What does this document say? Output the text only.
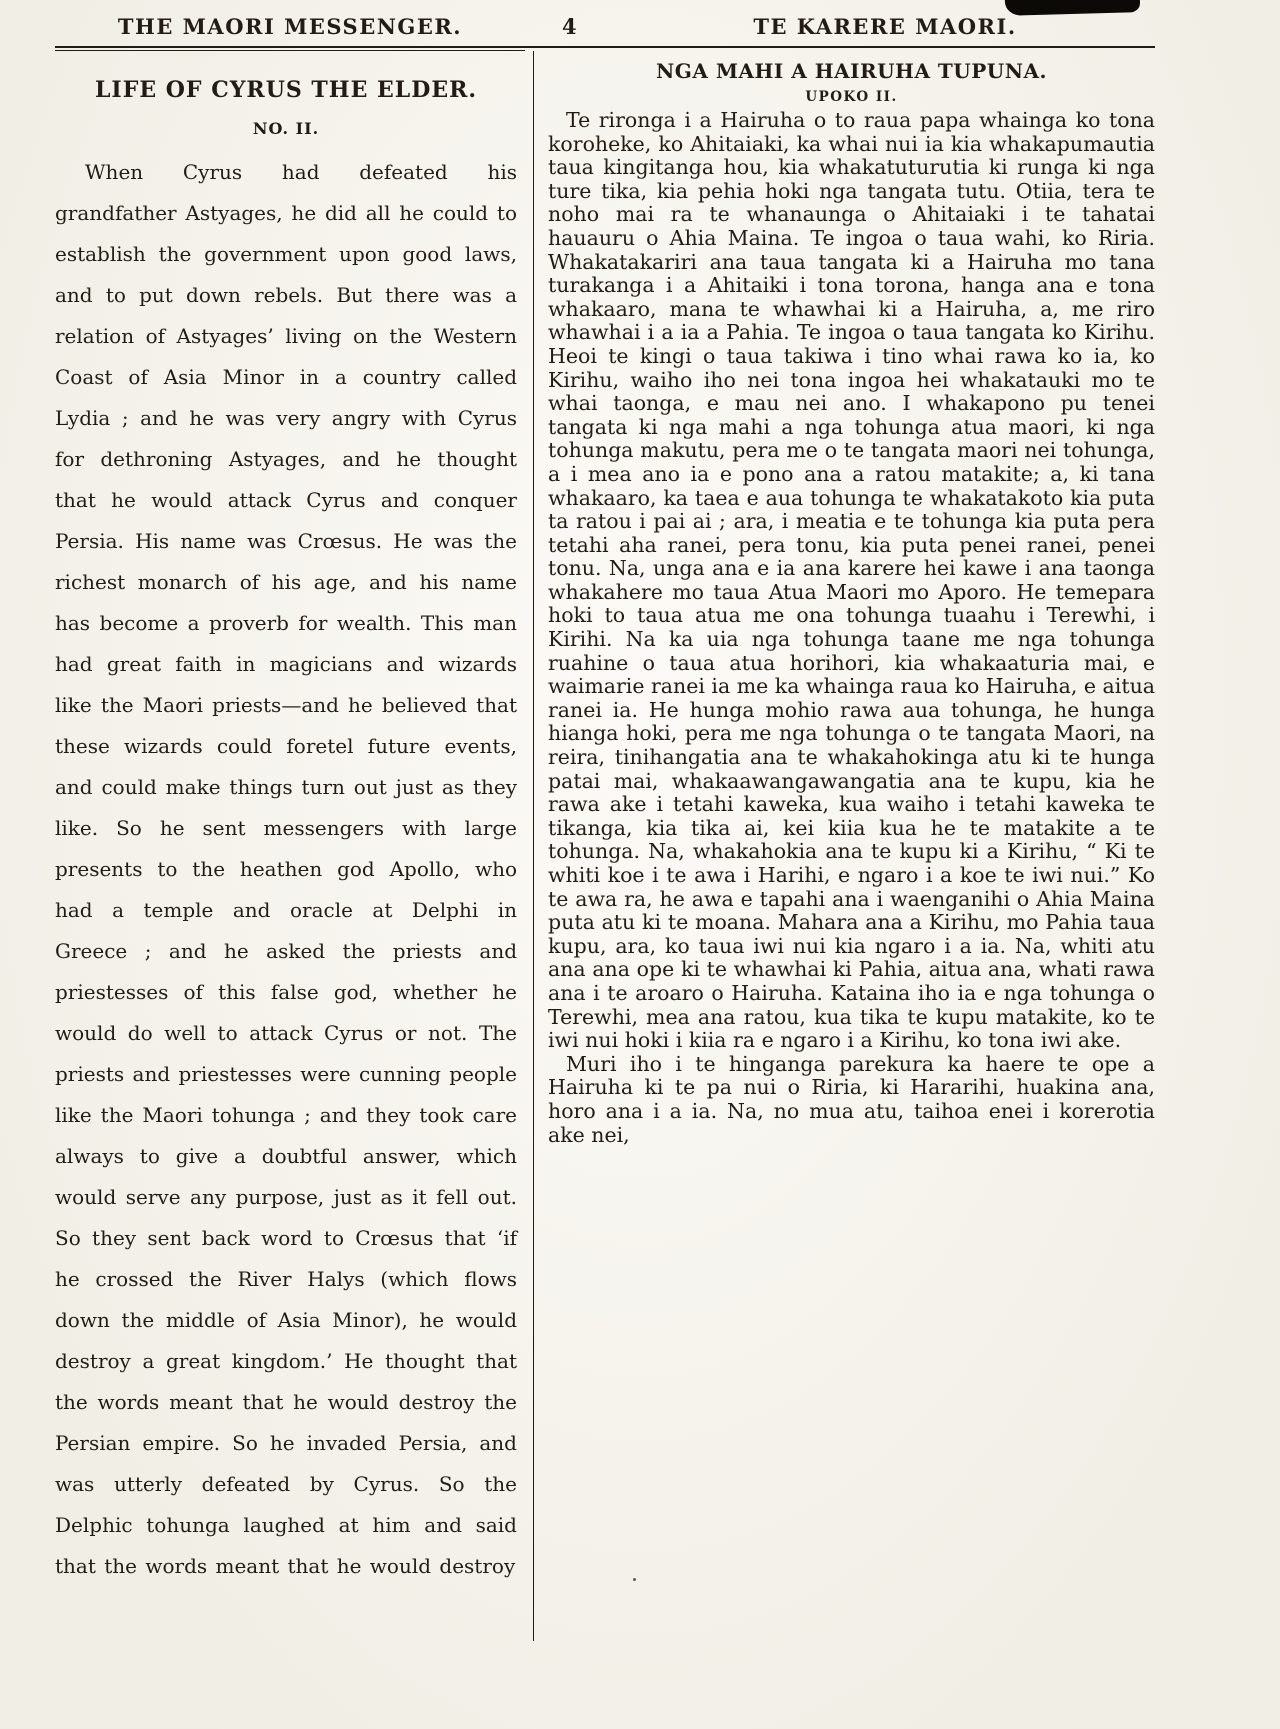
THE MAORI MESSENGER.	4	TE KARERE MAORI.
LIFE OF CYRUS THE ELDER.
NO. II.

When Cyrus had defeated his grandfather Astyages, he did all he could to establish the government upon good laws, and to put down rebels. But there was a relation of Astyages’ living on the Western Coast of Asia Minor in a country called Lydia ; and he was very angry with Cyrus for dethroning Astyages, and he thought that he would attack Cyrus and conquer Persia. His name was Crœsus. He was the richest monarch of his age, and his name has become a proverb for wealth. This man had great faith in magicians and wizards like the Maori priests—and he believed that these wizards could foretel future events, and could make things turn out just as they like. So he sent messengers with large presents to the heathen god Apollo, who had a temple and oracle at Delphi in Greece ; and he asked the priests and priestesses of this false god, whether he would do well to attack Cyrus or not. The priests and priestesses were cunning people like the Maori tohunga ; and they took care always to give a doubtful answer, which would serve any purpose, just as it fell out. So they sent back word to Crœsus that ‘if he crossed the River Halys (which flows down the middle of Asia Minor), he would destroy a great kingdom.’ He thought that the words meant that he would destroy the Persian empire. So he invaded Persia, and was utterly defeated by Cyrus. So the Delphic tohunga laughed at him and said that the words meant that he would destroy

NGA MAHI A HAIRUHA TUPUNA.
UPOKO II.

Te rironga i a Hairuha o to raua papa whainga ko tona koroheke, ko Ahitaiaki, ka whai nui ia kia whakapumautia taua kingitanga hou, kia whakatuturutia ki runga ki nga ture tika, kia pehia hoki nga tangata tutu. Otiia, tera te noho mai ra te whanaunga o Ahitaiaki i te tahatai hauauru o Ahia Maina. Te ingoa o taua wahi, ko Riria. Whakatakariri ana taua tangata ki a Hairuha mo tana turakanga i a Ahitaiki i tona torona, hanga ana e tona whakaaro, mana te whawhai ki a Hairuha, a, me riro whawhai i a ia a Pahia. Te ingoa o taua tangata ko Kirihu. Heoi te kingi o taua takiwa i tino whai rawa ko ia, ko Kirihu, waiho iho nei tona ingoa hei whakatauki mo te whai taonga, e mau nei ano. I whakapono pu tenei tangata ki nga mahi a nga tohunga atua maori, ki nga tohunga makutu, pera me o te tangata maori nei tohunga, a i mea ano ia e pono ana a ratou matakite; a, ki tana whakaaro, ka taea e aua tohunga te whakatakoto kia puta ta ratou i pai ai ; ara, i meatia e te tohunga kia puta pera tetahi aha ranei, pera tonu, kia puta penei ranei, penei tonu. Na, unga ana e ia ana karere hei kawe i ana taonga whakahere mo taua Atua Maori mo Aporo. He temepara hoki to taua atua me ona tohunga tuaahu i Terewhi, i Kirihi. Na ka uia nga tohunga taane me nga tohunga ruahine o taua atua horihori, kia whakaaturia mai, e waimarie ranei ia me ka whainga raua ko Hairuha, e aitua ranei ia. He hunga mohio rawa aua tohunga, he hunga hianga hoki, pera me nga tohunga o te tangata Maori, na reira, tinihangatia ana te whakahokinga atu ki te hunga patai mai, whakaawangawangatia ana te kupu, kia he rawa ake i tetahi kaweka, kua waiho i tetahi kaweka te tikanga, kia tika ai, kei kiia kua he te matakite a te tohunga. Na, whakahokia ana te kupu ki a Kirihu, “ Ki te whiti koe i te awa i Harihi, e ngaro i a koe te iwi nui.” Ko te awa ra, he awa e tapahi ana i waenganihi o Ahia Maina puta atu ki te moana. Mahara ana a Kirihu, mo Pahia taua kupu, ara, ko taua iwi nui kia ngaro i a ia. Na, whiti atu ana ana ope ki te whawhai ki Pahia, aitua ana, whati rawa ana i te aroaro o Hairuha. Kataina iho ia e nga tohunga o Terewhi, mea ana ratou, kua tika te kupu matakite, ko te iwi nui hoki i kiia ra e ngaro i a Kirihu, ko tona iwi ake.

Muri iho i te hinganga parekura ka haere te ope a Hairuha ki te pa nui o Riria, ki Hararihi, huakina ana, horo ana i a ia. Na, no mua atu, taihoa enei i korerotia ake nei,
